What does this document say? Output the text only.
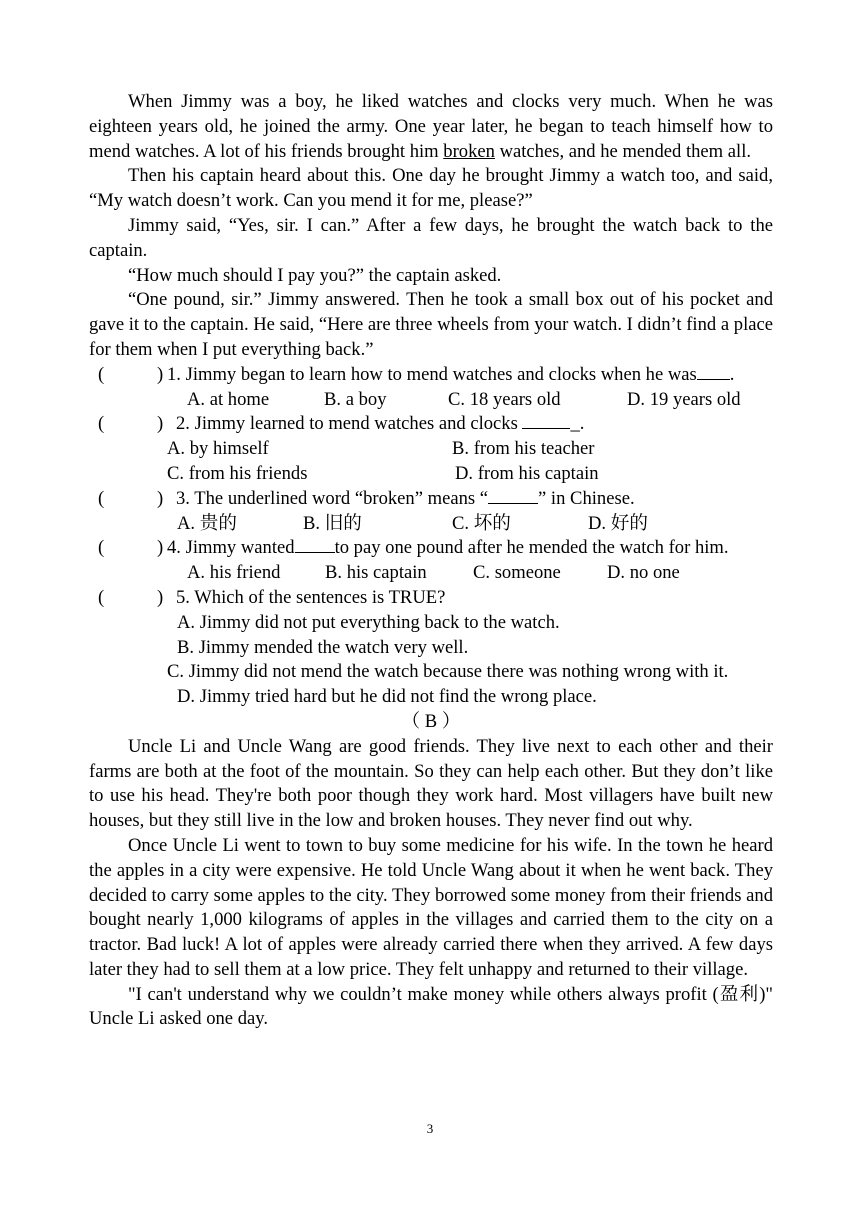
When Jimmy was a boy, he liked watches and clocks very much. When he was eighteen years old, he joined the army. One year later, he began to teach himself how to mend watches. A lot of his friends brought him broken watches, and he mended them all.

Then his captain heard about this. One day he brought Jimmy a watch too, and said, “My watch doesn’t work. Can you mend it for me, please?”

Jimmy said, “Yes, sir. I can.” After a few days, he brought the watch back to the captain.

“How much should I pay you?” the captain asked.

“One pound, sir.” Jimmy answered. Then he took a small box out of his pocket and gave it to the captain. He said, “Here are three wheels from your watch. I didn’t find a place for them when I put everything back.”

(	) 1. Jimmy began to learn how to mend watches and clocks when he was .
A. at home	B. a boy	C. 18 years old	D. 19 years old
(	) 2. Jimmy learned to mend watches and clocks	_.
A. by himself	B. from his teacher
C. from his friends	D. from his captain
(	) 3. The underlined word “broken” means “	” in Chinese.
A. 贵的	B. 旧的	C. 坏的	D. 好的
(	) 4. Jimmy wanted to pay one pound after he mended the watch for him.
A. his friend B. his captain C. someone D. no one
(	) 5. Which of the sentences is TRUE?
A. Jimmy did not put everything back to the watch.
B. Jimmy mended the watch very well.
C. Jimmy did not mend the watch because there was nothing wrong with it.
D. Jimmy tried hard but he did not find the wrong place.
（ B ）

Uncle Li and Uncle Wang are good friends. They live next to each other and their farms are both at the foot of the mountain. So they can help each other. But they don’t like to use his head. They're both poor though they work hard. Most villagers have built new houses, but they still live in the low and broken houses. They never find out why.

Once Uncle Li went to town to buy some medicine for his wife. In the town he heard the apples in a city were expensive. He told Uncle Wang about it when he went back. They decided to carry some apples to the city. They borrowed some money from their friends and bought nearly 1,000 kilograms of apples in the villages and carried them to the city on a tractor. Bad luck! A lot of apples were already carried there when they arrived. A few days later they had to sell them at a low price. They felt unhappy and returned to their village.

"I can't understand why we couldn’t make money while others always profit (盈利)" Uncle Li asked one day.

3
